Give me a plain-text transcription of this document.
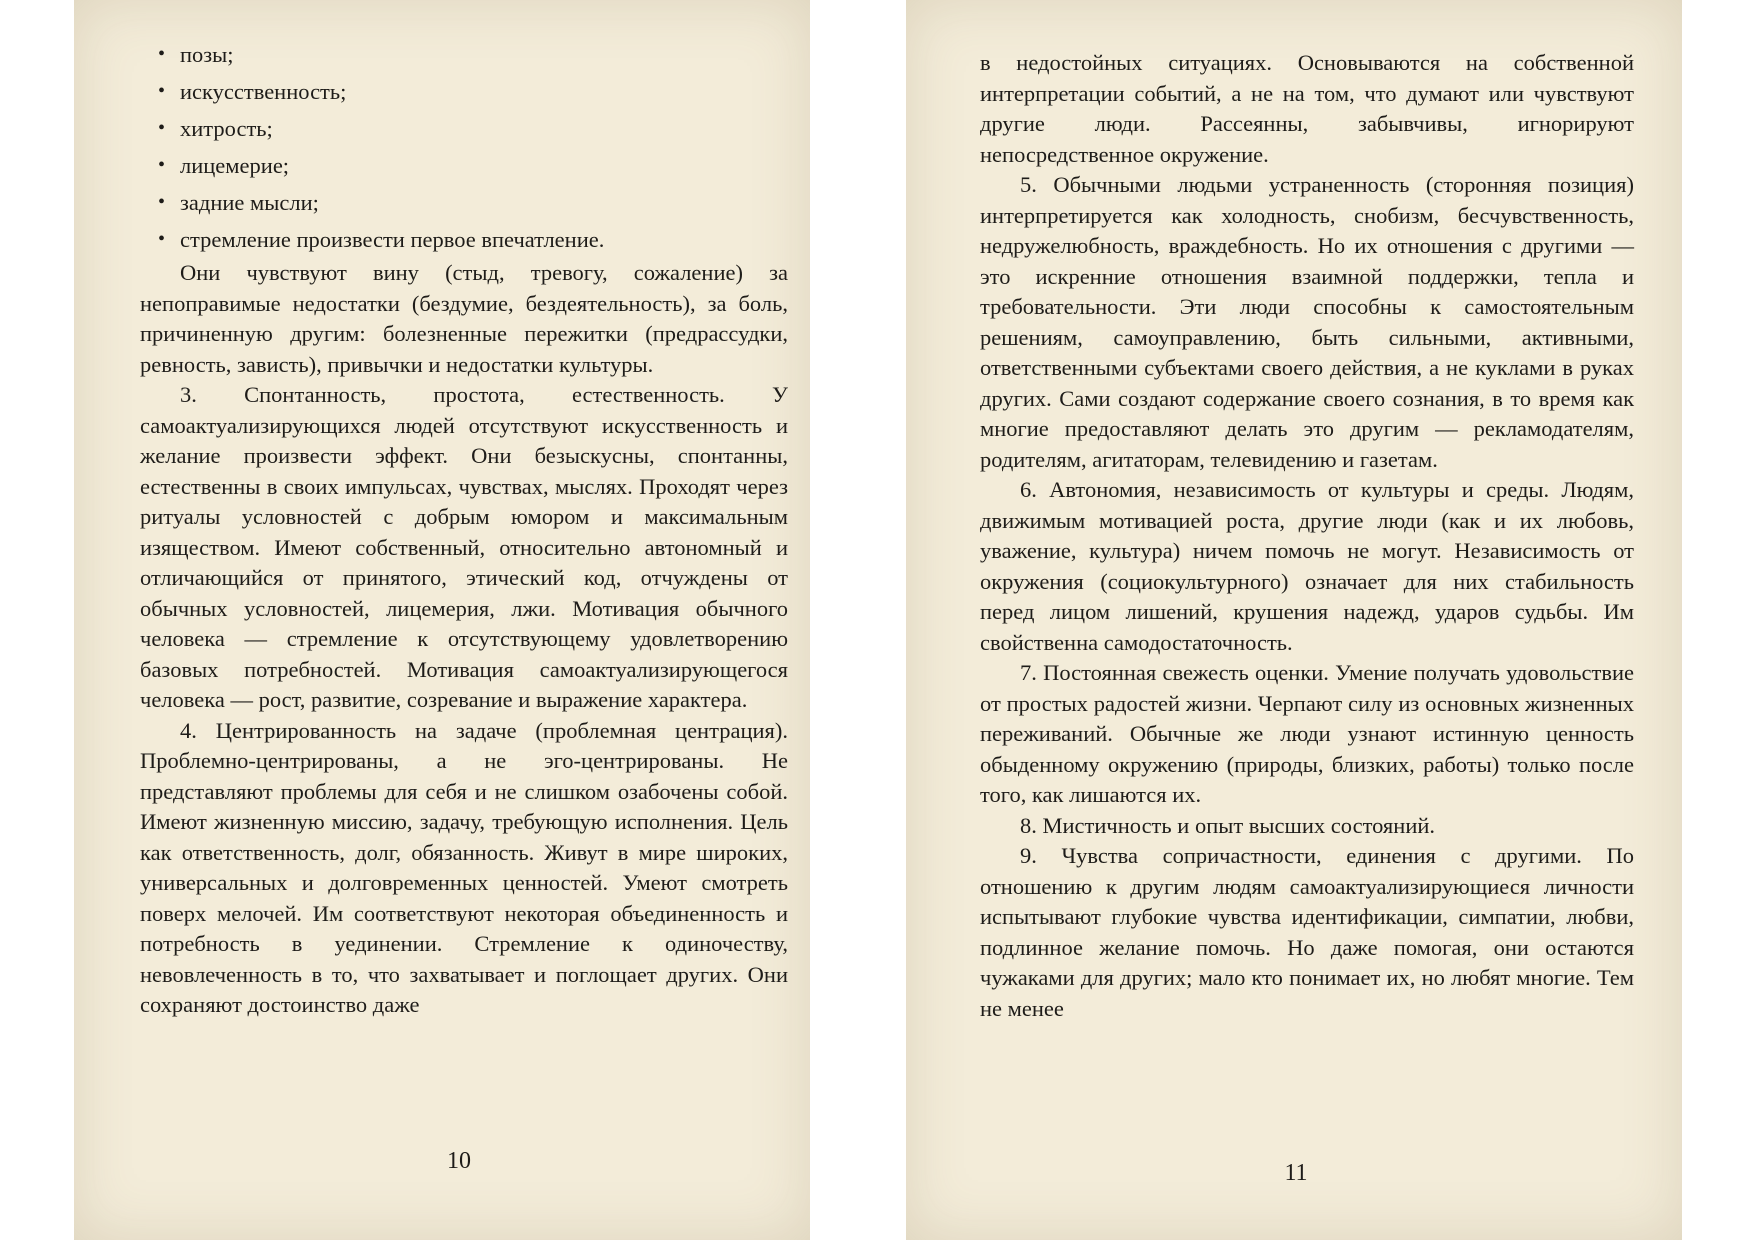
• позы;
• искусственность;
• хитрость;
• лицемерие;
• задние мысли;
• стремление произвести первое впечатление.

Они чувствуют вину (стыд, тревогу, сожаление) за непоправимые недостатки (бездумие, бездеятельность), за боль, причиненную другим: болезненные пережитки (предрассудки, ревность, зависть), привычки и недостатки культуры.

3. Спонтанность, простота, естественность. У самоактуализирующихся людей отсутствуют искусственность и желание произвести эффект. Они безыскусны, спонтанны, естественны в своих импульсах, чувствах, мыслях. Проходят через ритуалы условностей с добрым юмором и максимальным изяществом. Имеют собственный, относительно автономный и отличающийся от принятого, этический код, отчуждены от обычных условностей, лицемерия, лжи. Мотивация обычного человека — стремление к отсутствующему удовлетворению базовых потребностей. Мотивация самоактуализирующегося человека — рост, развитие, созревание и выражение характера.

4. Центрированность на задаче (проблемная центрация). Проблемно-центрированы, а не эго-центрированы. Не представляют проблемы для себя и не слишком озабочены собой. Имеют жизненную миссию, задачу, требующую исполнения. Цель как ответственность, долг, обязанность. Живут в мире широких, универсальных и долговременных ценностей. Умеют смотреть поверх мелочей. Им соответствуют некоторая объединенность и потребность в уединении. Стремление к одиночеству, невовлеченность в то, что захватывает и поглощает других. Они сохраняют достоинство даже

10

в недостойных ситуациях. Основываются на собственной интерпретации событий, а не на том, что думают или чувствуют другие люди. Рассеянны, забывчивы, игнорируют непосредственное окружение.

5. Обычными людьми устраненность (сторонняя позиция) интерпретируется как холодность, снобизм, бесчувственность, недружелюбность, враждебность. Но их отношения с другими — это искренние отношения взаимной поддержки, тепла и требовательности. Эти люди способны к самостоятельным решениям, самоуправлению, быть сильными, активными, ответственными субъектами своего действия, а не куклами в руках других. Сами создают содержание своего сознания, в то время как многие предоставляют делать это другим — рекламодателям, родителям, агитаторам, телевидению и газетам.

6. Автономия, независимость от культуры и среды. Людям, движимым мотивацией роста, другие люди (как и их любовь, уважение, культура) ничем помочь не могут. Независимость от окружения (социокультурного) означает для них стабильность перед лицом лишений, крушения надежд, ударов судьбы. Им свойственна самодостаточность.

7. Постоянная свежесть оценки. Умение получать удовольствие от простых радостей жизни. Черпают силу из основных жизненных переживаний. Обычные же люди узнают истинную ценность обыденному окружению (природы, близких, работы) только после того, как лишаются их.

8. Мистичность и опыт высших состояний.

9. Чувства сопричастности, единения с другими. По отношению к другим людям самоактуализирующиеся личности испытывают глубокие чувства идентификации, симпатии, любви, подлинное желание помочь. Но даже помогая, они остаются чужаками для других; мало кто понимает их, но любят многие. Тем не менее

11
